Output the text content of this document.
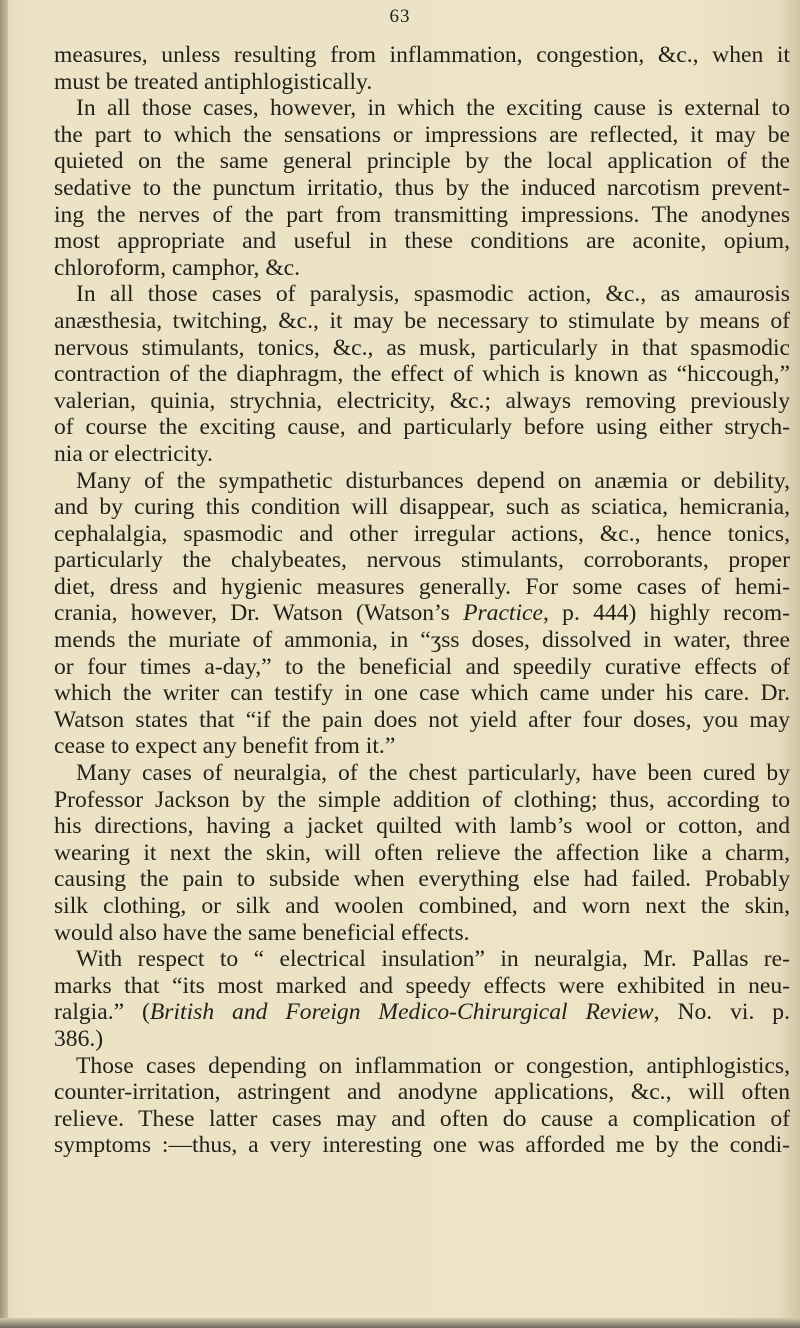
63
measures, unless resulting from inflammation, congestion, &c., when it
must be treated antiphlogistically.
In all those cases, however, in which the exciting cause is external to
the part to which the sensations or impressions are reflected, it may be
quieted on the same general principle by the local application of the
sedative to the punctum irritatio, thus by the induced narcotism prevent-
ing the nerves of the part from transmitting impressions. The anodynes
most appropriate and useful in these conditions are aconite, opium,
chloroform, camphor, &c.
In all those cases of paralysis, spasmodic action, &c., as amaurosis
anæsthesia, twitching, &c., it may be necessary to stimulate by means of
nervous stimulants, tonics, &c., as musk, particularly in that spasmodic
contraction of the diaphragm, the effect of which is known as “hiccough,”
valerian, quinia, strychnia, electricity, &c.; always removing previously
of course the exciting cause, and particularly before using either strych-
nia or electricity.
Many of the sympathetic disturbances depend on anæmia or debility,
and by curing this condition will disappear, such as sciatica, hemicrania,
cephalalgia, spasmodic and other irregular actions, &c., hence tonics,
particularly the chalybeates, nervous stimulants, corroborants, proper
diet, dress and hygienic measures generally. For some cases of hemi-
crania, however, Dr. Watson (Watson’s Practice, p. 444) highly recom-
mends the muriate of ammonia, in “ʒss doses, dissolved in water, three
or four times a-day,” to the beneficial and speedily curative effects of
which the writer can testify in one case which came under his care. Dr.
Watson states that “if the pain does not yield after four doses, you may
cease to expect any benefit from it.”
Many cases of neuralgia, of the chest particularly, have been cured by
Professor Jackson by the simple addition of clothing; thus, according to
his directions, having a jacket quilted with lamb’s wool or cotton, and
wearing it next the skin, will often relieve the affection like a charm,
causing the pain to subside when everything else had failed. Probably
silk clothing, or silk and woolen combined, and worn next the skin,
would also have the same beneficial effects.
With respect to “ electrical insulation” in neuralgia, Mr. Pallas re-
marks that “its most marked and speedy effects were exhibited in neu-
ralgia.” (British and Foreign Medico-Chirurgical Review, No. vi. p.
386.)
Those cases depending on inflammation or congestion, antiphlogistics,
counter-irritation, astringent and anodyne applications, &c., will often
relieve. These latter cases may and often do cause a complication of
symptoms :—thus, a very interesting one was afforded me by the condi-
